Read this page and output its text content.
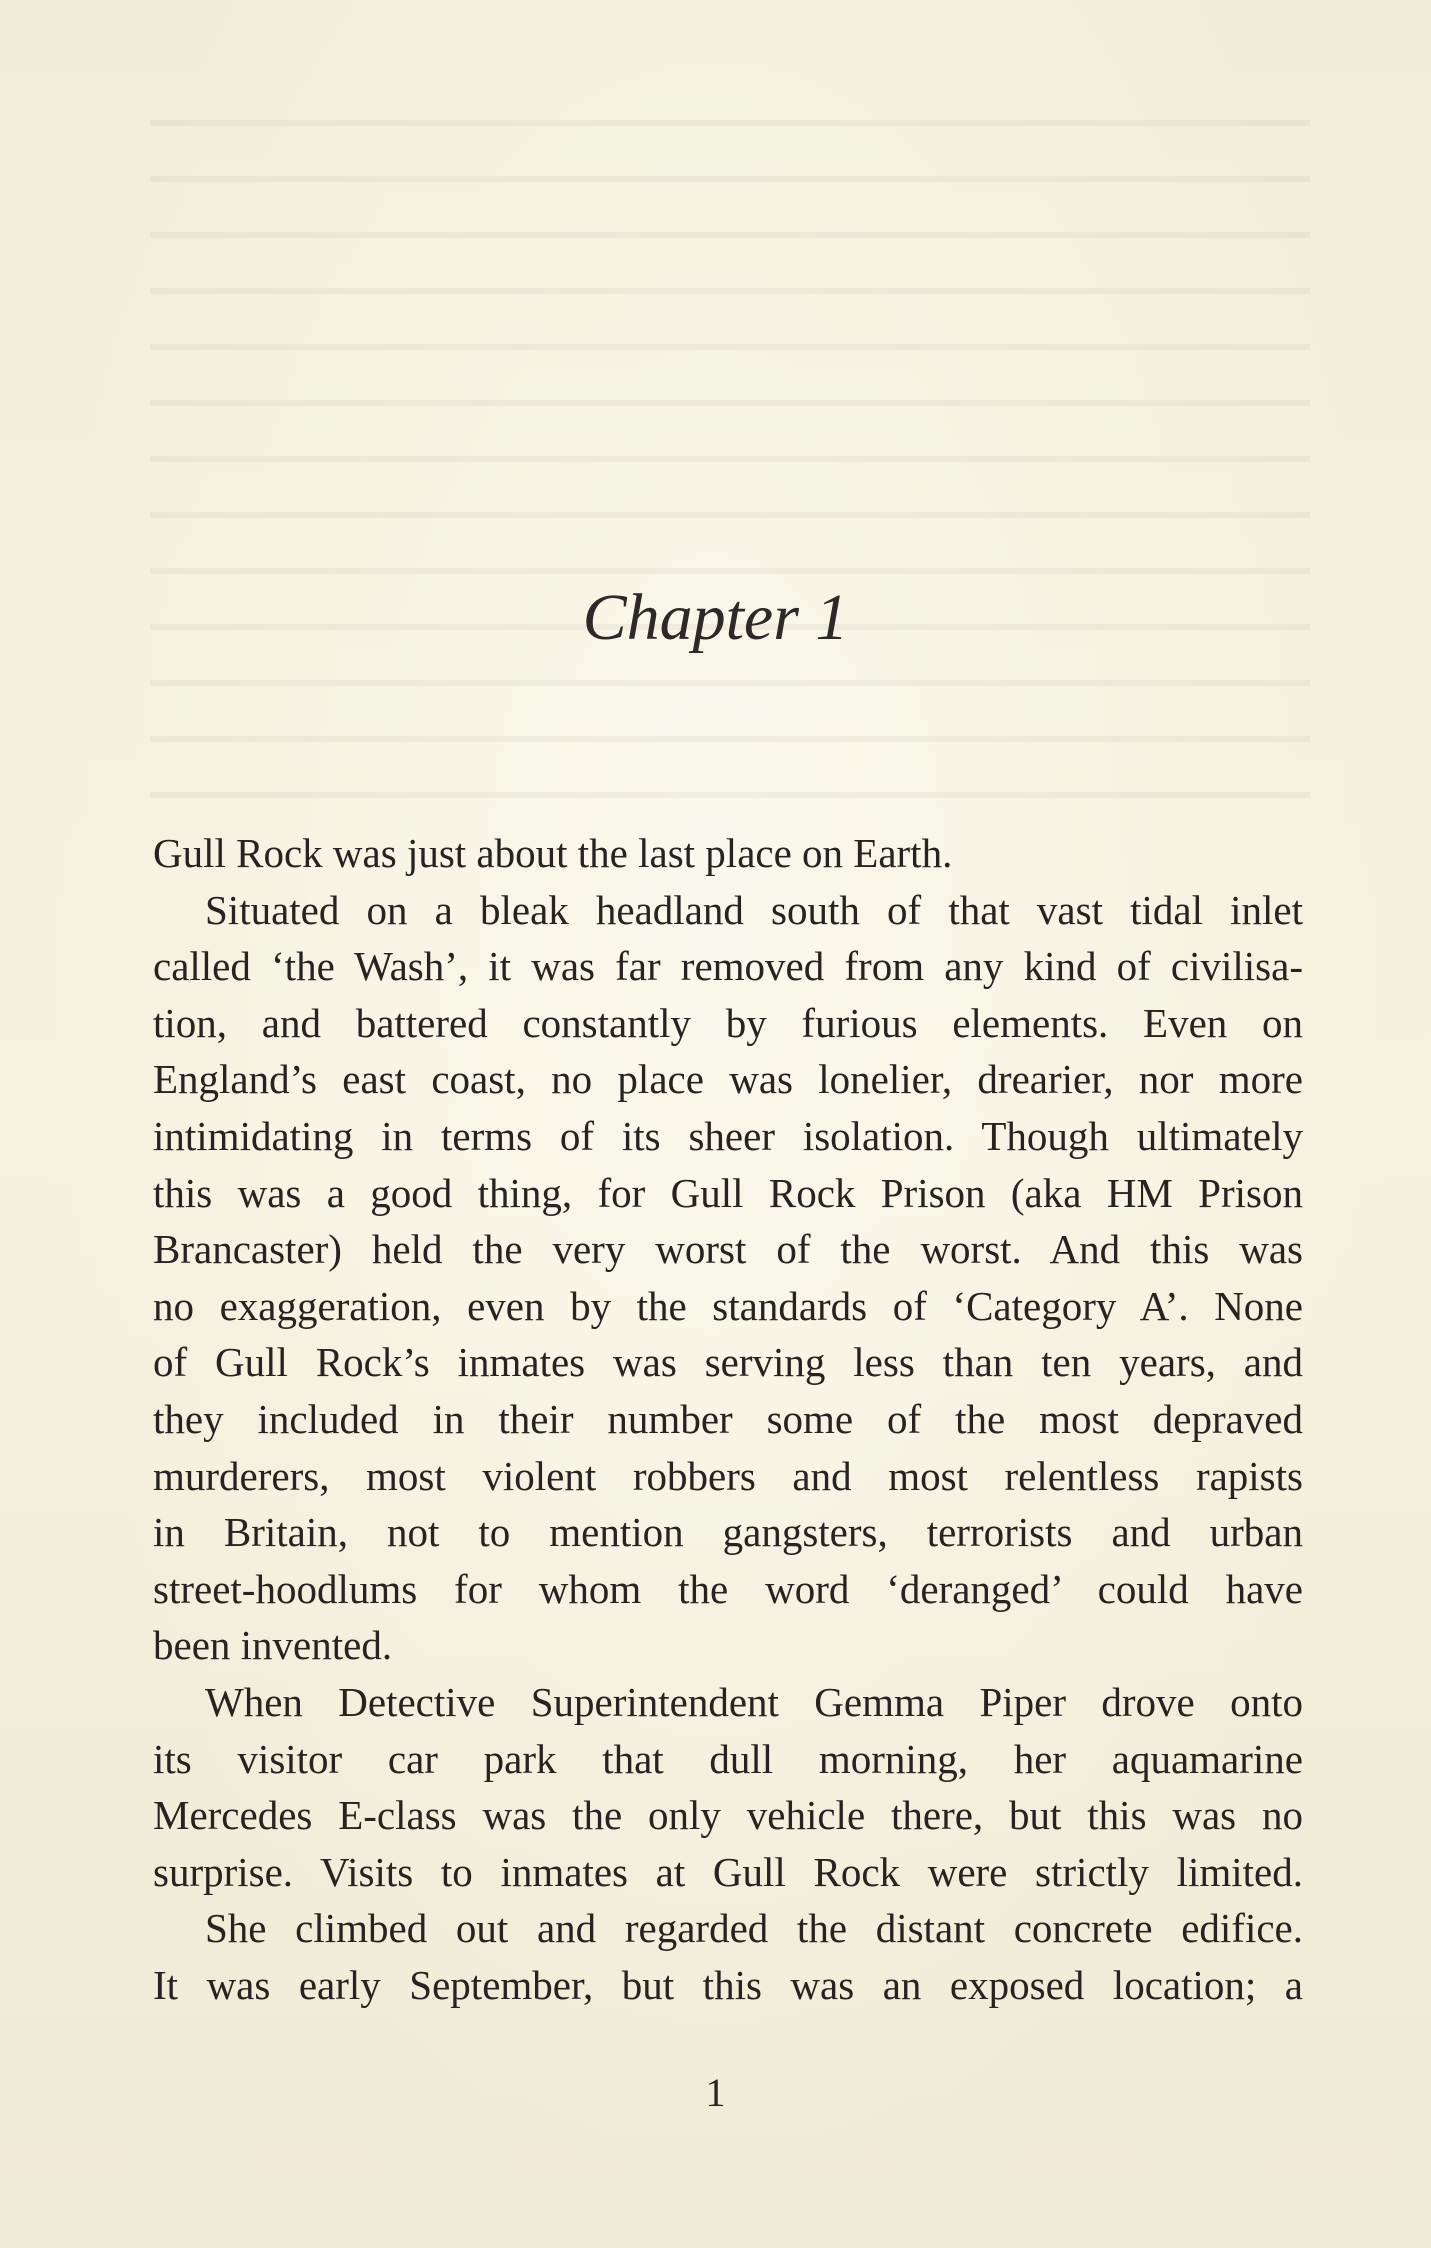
Chapter 1
Gull Rock was just about the last place on Earth.
Situated on a bleak headland south of that vast tidal inlet
called ‘the Wash’, it was far removed from any kind of civilisa-
tion, and battered constantly by furious elements. Even on
England’s east coast, no place was lonelier, drearier, nor more
intimidating in terms of its sheer isolation. Though ultimately
this was a good thing, for Gull Rock Prison (aka HM Prison
Brancaster) held the very worst of the worst. And this was
no exaggeration, even by the standards of ‘Category A’. None
of Gull Rock’s inmates was serving less than ten years, and
they included in their number some of the most depraved
murderers, most violent robbers and most relentless rapists
in Britain, not to mention gangsters, terrorists and urban
street-hoodlums for whom the word ‘deranged’ could have
been invented.
When Detective Superintendent Gemma Piper drove onto
its visitor car park that dull morning, her aquamarine
Mercedes E-class was the only vehicle there, but this was no
surprise. Visits to inmates at Gull Rock were strictly limited.
She climbed out and regarded the distant concrete edifice.
It was early September, but this was an exposed location; a
1
